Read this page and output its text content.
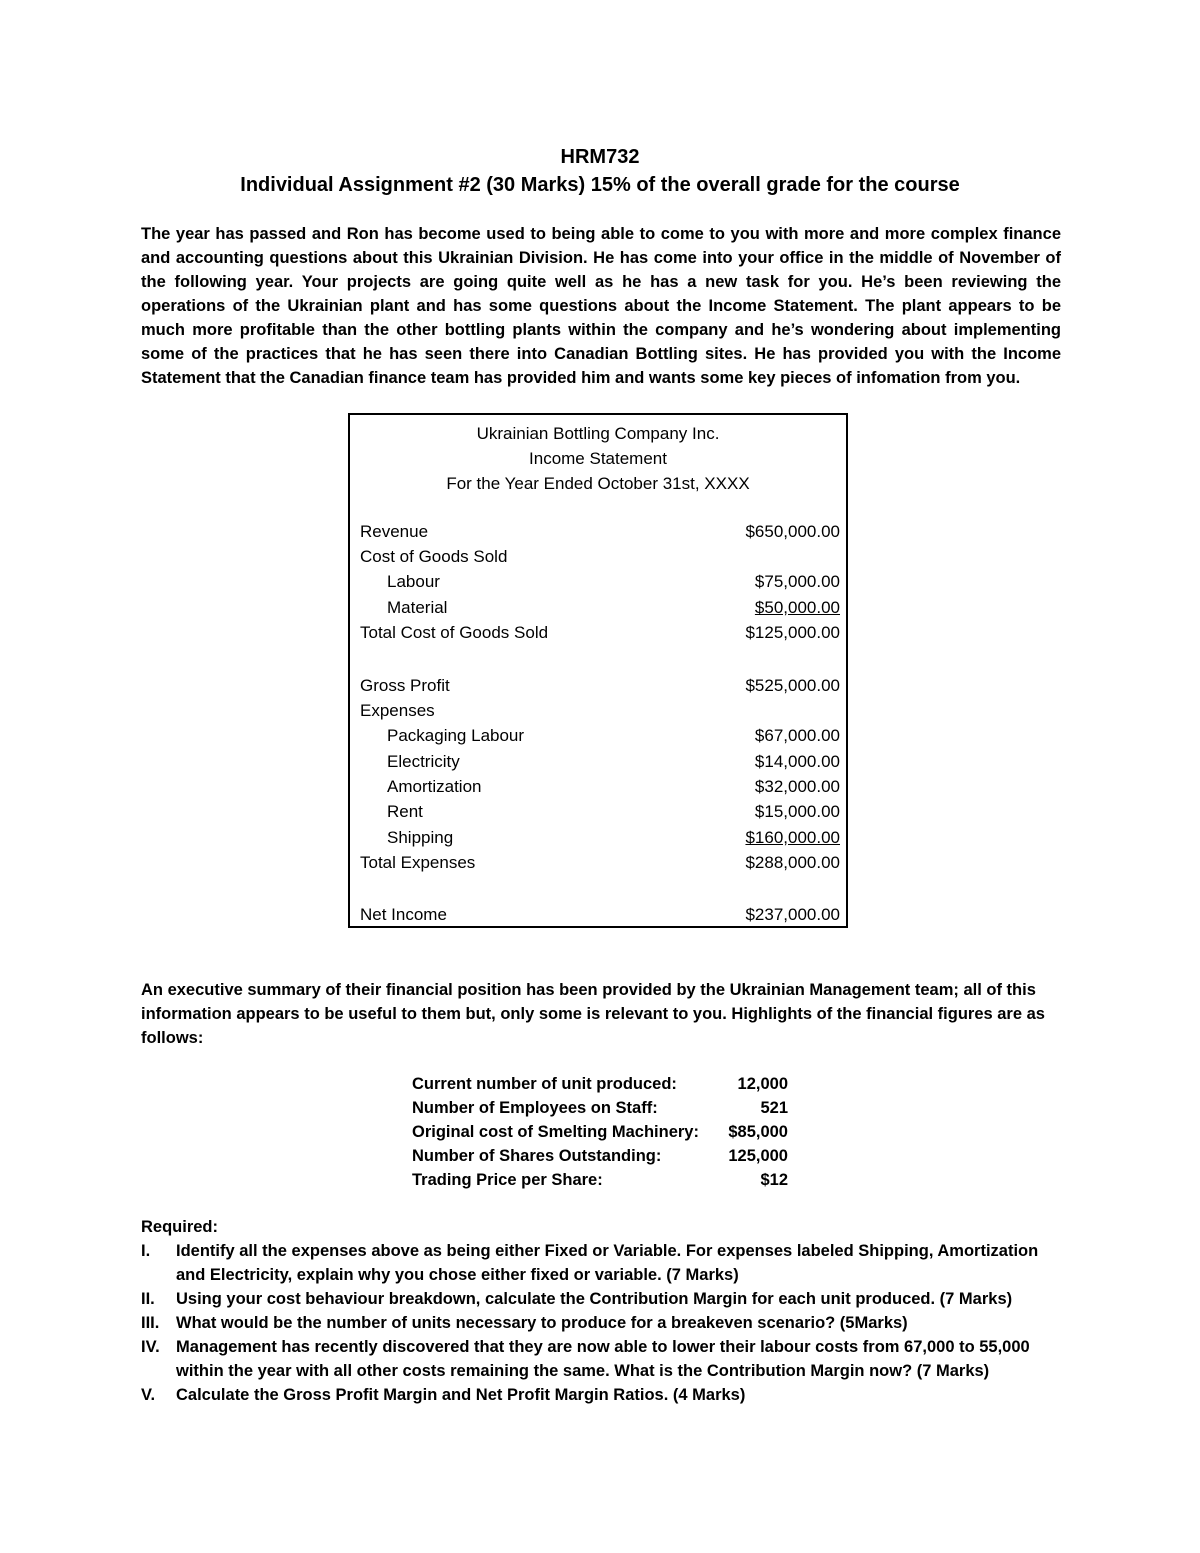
HRM732
Individual Assignment #2 (30 Marks) 15% of the overall grade for the course

The year has passed and Ron has become used to being able to come to you with more and more complex finance and accounting questions about this Ukrainian Division. He has come into your office in the middle of November of the following year. Your projects are going quite well as he has a new task for you. He’s been reviewing the operations of the Ukrainian plant and has some questions about the Income Statement. The plant appears to be much more profitable than the other bottling plants within the company and he’s wondering about implementing some of the practices that he has seen there into Canadian Bottling sites. He has provided you with the Income Statement that the Canadian finance team has provided him and wants some key pieces of infomation from you.

Ukrainian Bottling Company Inc.
Income Statement
For the Year Ended October 31st, XXXX
Revenue	$650,000.00
Cost of Goods Sold
Labour	$75,000.00
Material	$50,000.00
Total Cost of Goods Sold	$125,000.00
Gross Profit	$525,000.00
Expenses
Packaging Labour	$67,000.00
Electricity	$14,000.00
Amortization	$32,000.00
Rent	$15,000.00
Shipping	$160,000.00
Total Expenses	$288,000.00
Net Income	$237,000.00

An executive summary of their financial position has been provided by the Ukrainian Management team; all of this information appears to be useful to them but, only some is relevant to you. Highlights of the financial figures are as follows:

Current number of unit produced:	12,000
Number of Employees on Staff:	521
Original cost of Smelting Machinery: $85,000
Number of Shares Outstanding:	125,000
Trading Price per Share:	$12
Required:
I. Identify all the expenses above as being either Fixed or Variable. For expenses labeled Shipping, Amortization and Electricity, explain why you chose either fixed or variable. (7 Marks)
II. Using your cost behaviour breakdown, calculate the Contribution Margin for each unit produced. (7 Marks)
III. What would be the number of units necessary to produce for a breakeven scenario? (5Marks)
IV. Management has recently discovered that they are now able to lower their labour costs from 67,000 to 55,000 within the year with all other costs remaining the same. What is the Contribution Margin now? (7 Marks)
V. Calculate the Gross Profit Margin and Net Profit Margin Ratios. (4 Marks)
